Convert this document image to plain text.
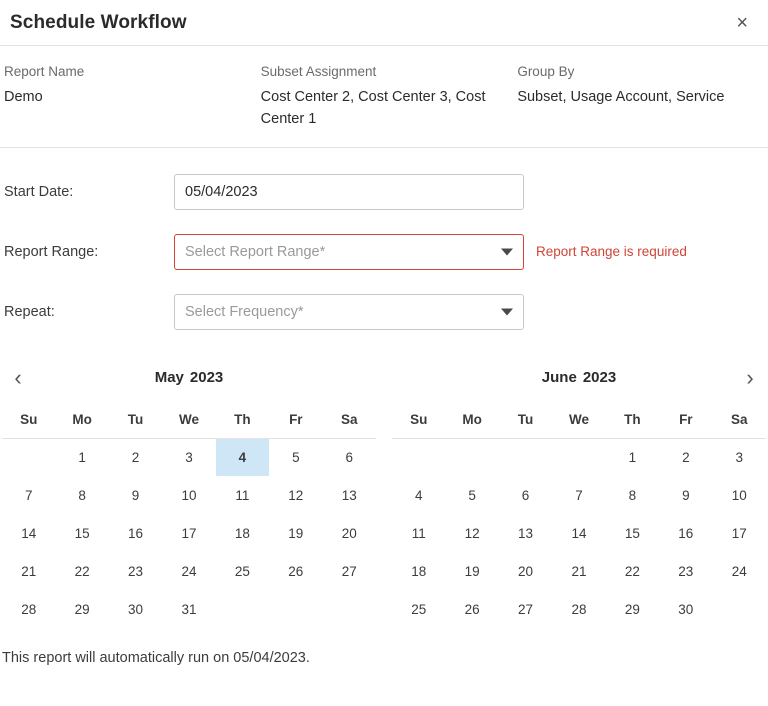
Schedule Workflow	×
Report Name
Demo
Subset Assignment
Cost Center 2, Cost Center 3, Cost Center 1
Group By
Subset, Usage Account, Service
Start Date:	05/04/2023
Report Range:	Select Report Range*	Report Range is required
Repeat:	Select Frequency*
‹	May 2023
Su	Mo	Tu	We	Th	Fr	Sa
	1	2	3	4	5	6
7	8	9	10	11	12	13
14	15	16	17	18	19	20
21	22	23	24	25	26	27
28	29	30	31			
June 2023	›
Su	Mo	Tu	We	Th	Fr	Sa
				1	2	3
4	5	6	7	8	9	10
11	12	13	14	15	16	17
18	19	20	21	22	23	24
25	26	27	28	29	30	
This report will automatically run on 05/04/2023.
